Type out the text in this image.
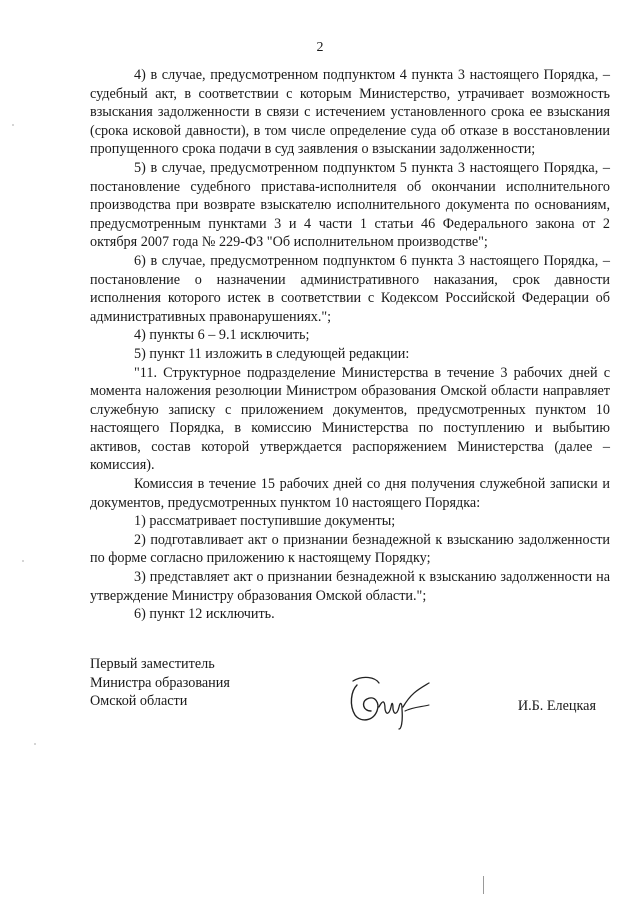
2

4) в случае, предусмотренном подпунктом 4 пункта 3 настоящего Порядка, – судебный акт, в соответствии с которым Министерство, утрачивает возможность взыскания задолженности в связи с истечением установленного срока ее взыскания (срока исковой давности), в том числе определение суда об отказе в восстановлении пропущенного срока подачи в суд заявления о взыскании задолженности;

5) в случае, предусмотренном подпунктом 5 пункта 3 настоящего Порядка, – постановление судебного пристава-исполнителя об окончании исполнительного производства при возврате взыскателю исполнительного документа по основаниям, предусмотренным пунктами 3 и 4 части 1 статьи 46 Федерального закона от 2 октября 2007 года № 229-ФЗ "Об исполнительном производстве";

6) в случае, предусмотренном подпунктом 6 пункта 3 настоящего Порядка, – постановление о назначении административного наказания, срок давности исполнения которого истек в соответствии с Кодексом Российской Федерации об административных правонарушениях.";

4) пункты 6 – 9.1 исключить;

5) пункт 11 изложить в следующей редакции:

"11. Структурное подразделение Министерства в течение 3 рабочих дней с момента наложения резолюции Министром образования Омской области направляет служебную записку с приложением документов, предусмотренных пунктом 10 настоящего Порядка, в комиссию Министерства по поступлению и выбытию активов, состав которой утверждается распоряжением Министерства (далее – комиссия).

Комиссия в течение 15 рабочих дней со дня получения служебной записки и документов, предусмотренных пунктом 10 настоящего Порядка:

1) рассматривает поступившие документы;

2) подготавливает акт о признании безнадежной к взысканию задолженности по форме согласно приложению к настоящему Порядку;

3) представляет акт о признании безнадежной к взысканию задолженности на утверждение Министру образования Омской области.";

6) пункт 12 исключить.

Первый заместитель
Министра образования
Омской области	И.Б. Елецкая
